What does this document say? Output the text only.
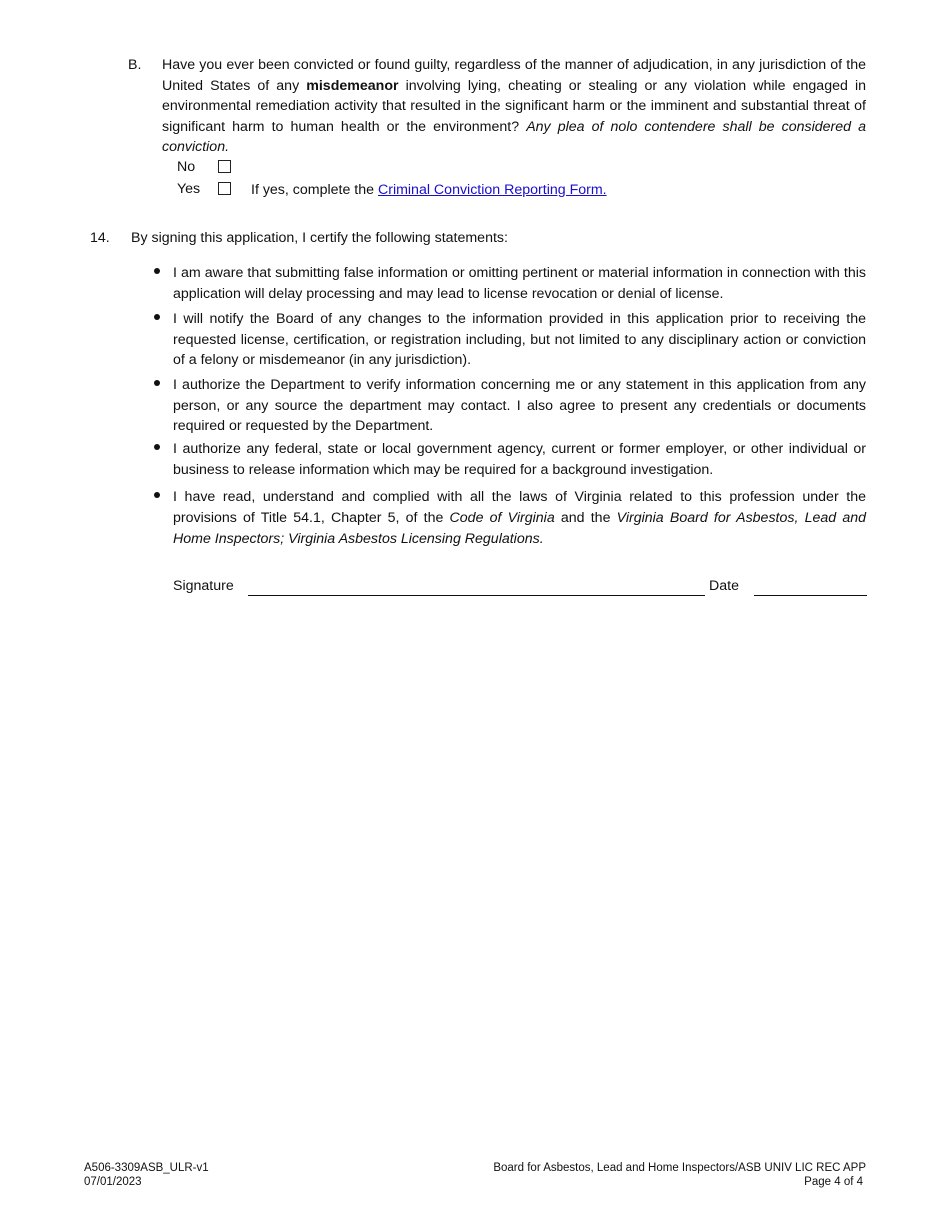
B. Have you ever been convicted or found guilty, regardless of the manner of adjudication, in any jurisdiction of the United States of any misdemeanor involving lying, cheating or stealing or any violation while engaged in environmental remediation activity that resulted in the significant harm or the imminent and substantial threat of significant harm to human health or the environment? Any plea of nolo contendere shall be considered a conviction.
No
Yes	If yes, complete the Criminal Conviction Reporting Form.
14. By signing this application, I certify the following statements:
I am aware that submitting false information or omitting pertinent or material information in connection with this application will delay processing and may lead to license revocation or denial of license.
I will notify the Board of any changes to the information provided in this application prior to receiving the requested license, certification, or registration including, but not limited to any disciplinary action or conviction of a felony or misdemeanor (in any jurisdiction).
I authorize the Department to verify information concerning me or any statement in this application from any person, or any source the department may contact. I also agree to present any credentials or documents required or requested by the Department.
I authorize any federal, state or local government agency, current or former employer, or other individual or business to release information which may be required for a background investigation.
I have read, understand and complied with all the laws of Virginia related to this profession under the provisions of Title 54.1, Chapter 5, of the Code of Virginia and the Virginia Board for Asbestos, Lead and Home Inspectors; Virginia Asbestos Licensing Regulations.
Signature	Date
A506-3309ASB_ULR-v1
07/01/2023
Board for Asbestos, Lead and Home Inspectors/ASB UNIV LIC REC APP
Page 4 of 4
